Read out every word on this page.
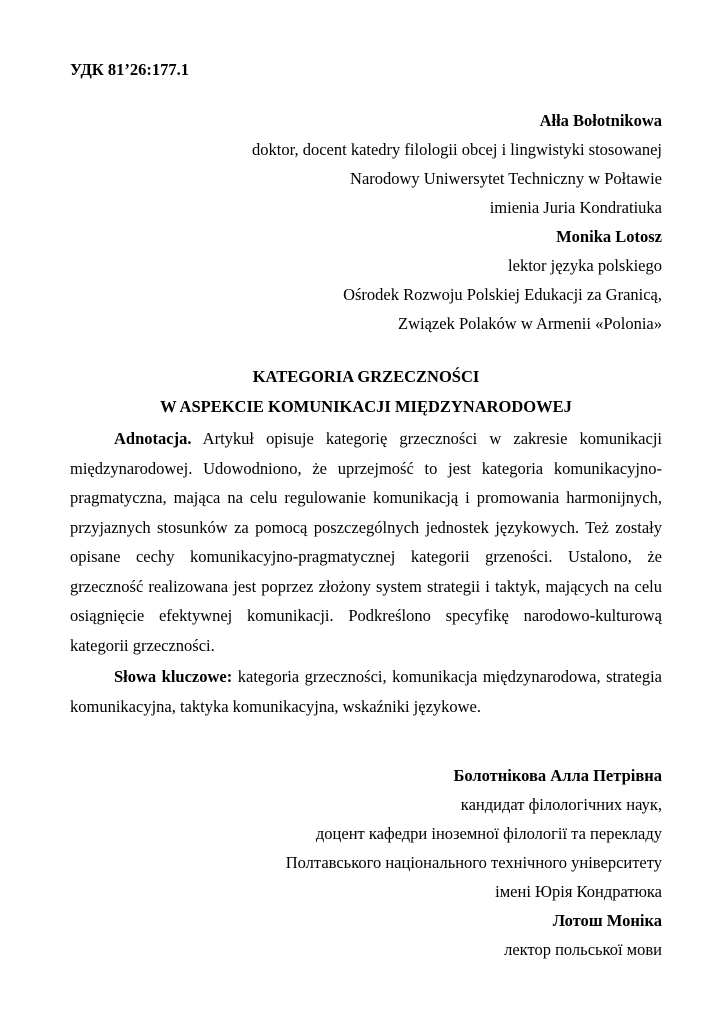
УДК 81’26:177.1
Ałła Bołotnikowa
doktor, docent katedry filologii obcej i lingwistyki stosowanej
Narodowy Uniwersytet Techniczny w Połtawie
imienia Juria Kondratiuka
Monika Lotosz
lektor języka polskiego
Ośrodek Rozwoju Polskiej Edukacji za Granicą,
Związek Polaków w Armenii «Polonia»
KATEGORIA GRZECZNOŚCI
W ASPEKCIE KOMUNIKACJI MIĘDZYNARODOWEJ

Adnotacja. Artykuł opisuje kategorię grzeczności w zakresie komunikacji międzynarodowej. Udowodniono, że uprzejmość to jest kategoria komunikacyjno-pragmatyczna, mająca na celu regulowanie komunikacją i promowania harmonijnych, przyjaznych stosunków za pomocą poszczególnych jednostek językowych. Też zostały opisane cechy komunikacyjno-pragmatycznej kategorii grzeności. Ustalono, że grzeczność realizowana jest poprzez złożony system strategii i taktyk, mających na celu osiągnięcie efektywnej komunikacji. Podkreślono specyfikę narodowo-kulturową kategorii grzeczności.

Słowa kluczowe: kategoria grzeczności, komunikacja międzynarodowa, strategia komunikacyjna, taktyka komunikacyjna, wskaźniki językowe.

Болотнікова Алла Петрівна
кандидат філологічних наук,
доцент кафедри іноземної філології та перекладу
Полтавського національного технічного університету
імені Юрія Кондратюка
Лотош Моніка
лектор польської мови
